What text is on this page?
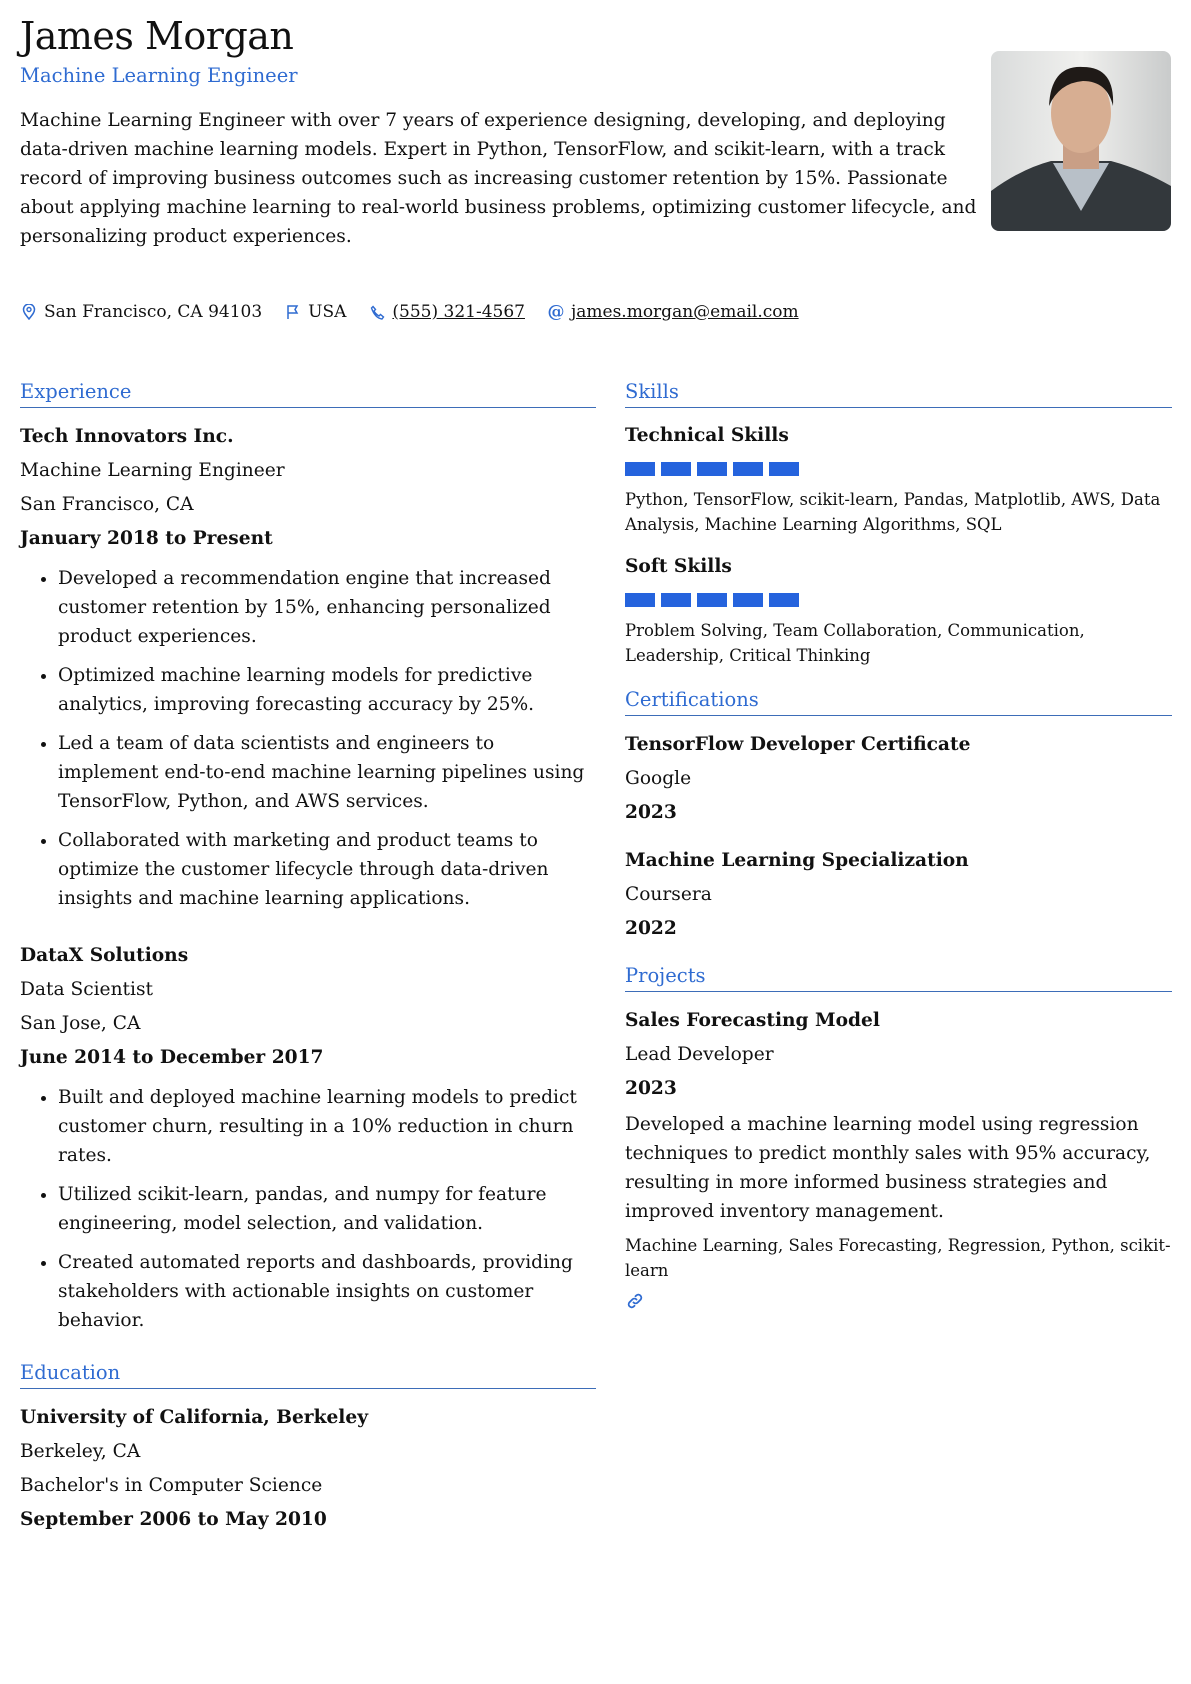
James Morgan
Machine Learning Engineer
Machine Learning Engineer with over 7 years of experience designing, developing, and deploying data-driven machine learning models. Expert in Python, TensorFlow, and scikit-learn, with a track record of improving business outcomes such as increasing customer retention by 15%. Passionate about applying machine learning to real-world business problems, optimizing customer lifecycle, and personalizing product experiences.
San Francisco, CA 94103	USA	(555) 321-4567 @ james.morgan@email.com
Experience
Tech Innovators Inc.
Machine Learning Engineer
San Francisco, CA
January 2018 to Present
• Developed a recommendation engine that increased customer retention by 15%, enhancing personalized product experiences.
• Optimized machine learning models for predictive analytics, improving forecasting accuracy by 25%.
• Led a team of data scientists and engineers to implement end-to-end machine learning pipelines using TensorFlow, Python, and AWS services.
• Collaborated with marketing and product teams to optimize the customer lifecycle through data-driven insights and machine learning applications.
DataX Solutions
Data Scientist
San Jose, CA
June 2014 to December 2017
• Built and deployed machine learning models to predict customer churn, resulting in a 10% reduction in churn rates.
• Utilized scikit-learn, pandas, and numpy for feature engineering, model selection, and validation.
• Created automated reports and dashboards, providing stakeholders with actionable insights on customer behavior.
Education
University of California, Berkeley
Berkeley, CA
Bachelor's in Computer Science
September 2006 to May 2010
Skills
Technical Skills
Python, TensorFlow, scikit-learn, Pandas, Matplotlib, AWS, Data Analysis, Machine Learning Algorithms, SQL
Soft Skills
Problem Solving, Team Collaboration, Communication, Leadership, Critical Thinking
Certifications
TensorFlow Developer Certificate
Google
2023
Machine Learning Specialization
Coursera
2022
Projects
Sales Forecasting Model
Lead Developer
2023
Developed a machine learning model using regression techniques to predict monthly sales with 95% accuracy, resulting in more informed business strategies and improved inventory management.
Machine Learning, Sales Forecasting, Regression, Python, scikit-learn
